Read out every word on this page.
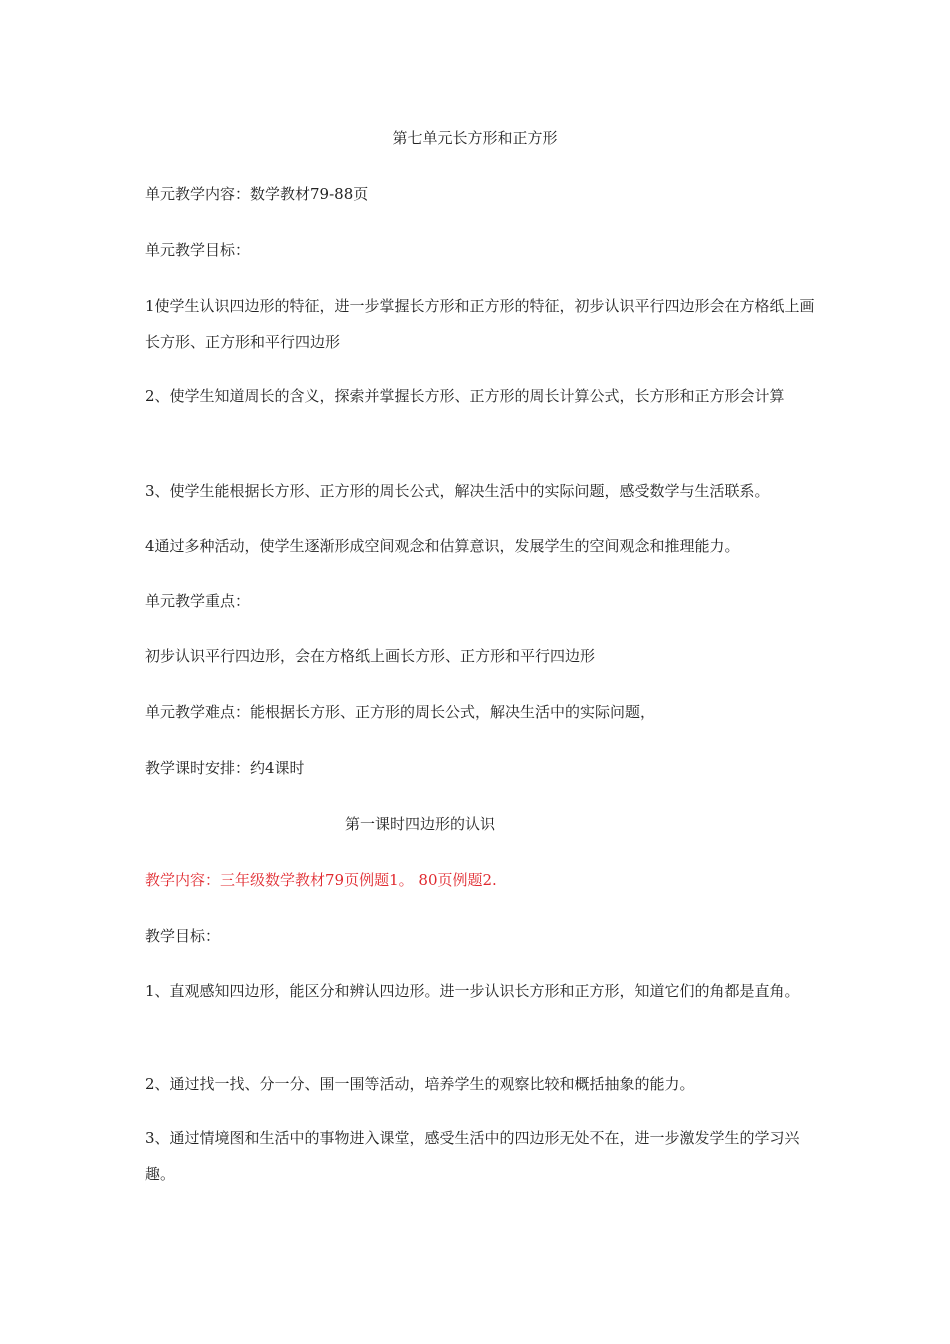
第七单元长方形和正方形
单元教学内容：数学教材79-88页
单元教学目标：
1使学生认识四边形的特征，进一步掌握长方形和正方形的特征，初步认识平行四边形会在方格纸上画长方形、正方形和平行四边形
2、使学生知道周长的含义，探索并掌握长方形、正方形的周长计算公式，长方形和正方形会计算
3、使学生能根据长方形、正方形的周长公式，解决生活中的实际问题，感受数学与生活联系。
4通过多种活动，使学生逐渐形成空间观念和估算意识，发展学生的空间观念和推理能力。
单元教学重点：
初步认识平行四边形，会在方格纸上画长方形、正方形和平行四边形
单元教学难点：能根据长方形、正方形的周长公式，解决生活中的实际问题，
教学课时安排：约4课时
第一课时四边形的认识
教学内容：三年级数学教材79页例题1。 80页例题2.
教学目标：
1、直观感知四边形，能区分和辨认四边形。进一步认识长方形和正方形，知道它们的角都是直角。
2、通过找一找、分一分、围一围等活动，培养学生的观察比较和概括抽象的能力。
3、通过情境图和生活中的事物进入课堂，感受生活中的四边形无处不在，进一步激发学生的学习兴趣。
